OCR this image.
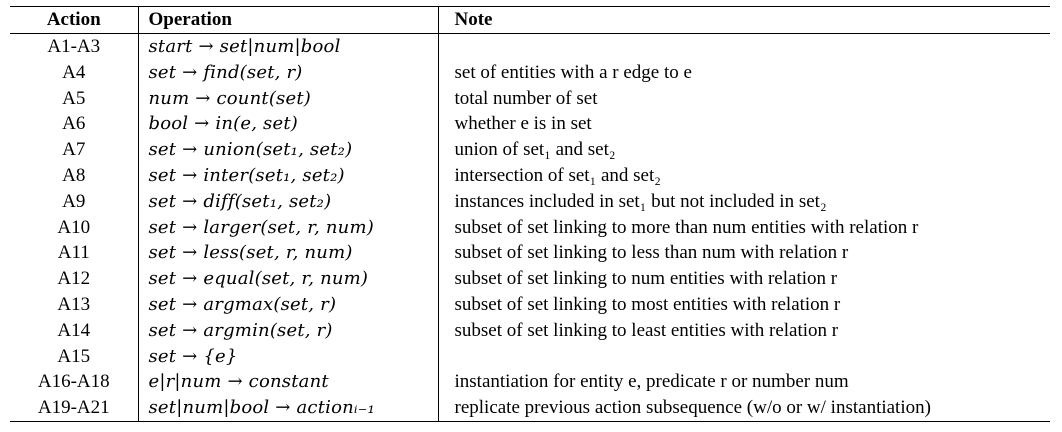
Action	Operation	Note
A1-A3	start → set|num|bool	
A4	set → find(set, r)	set of entities with a r edge to e
A5	num → count(set)	total number of set
A6	bool → in(e, set)	whether e is in set
A7	set → union(set₁, set₂)	union of set₁ and set₂
A8	set → inter(set₁, set₂)	intersection of set₁ and set₂
A9	set → diff(set₁, set₂)	instances included in set₁ but not included in set₂
A10	set → larger(set, r, num)	subset of set linking to more than num entities with relation r
A11	set → less(set, r, num)	subset of set linking to less than num with relation r
A12	set → equal(set, r, num)	subset of set linking to num entities with relation r
A13	set → argmax(set, r)	subset of set linking to most entities with relation r
A14	set → argmin(set, r)	subset of set linking to least entities with relation r
A15	set → {e}	
A16-A18	e|r|num → constant	instantiation for entity e, predicate r or number num
A19-A21	set|num|bool → actionᵢ₋₁	replicate previous action subsequence (w/o or w/ instantiation)
